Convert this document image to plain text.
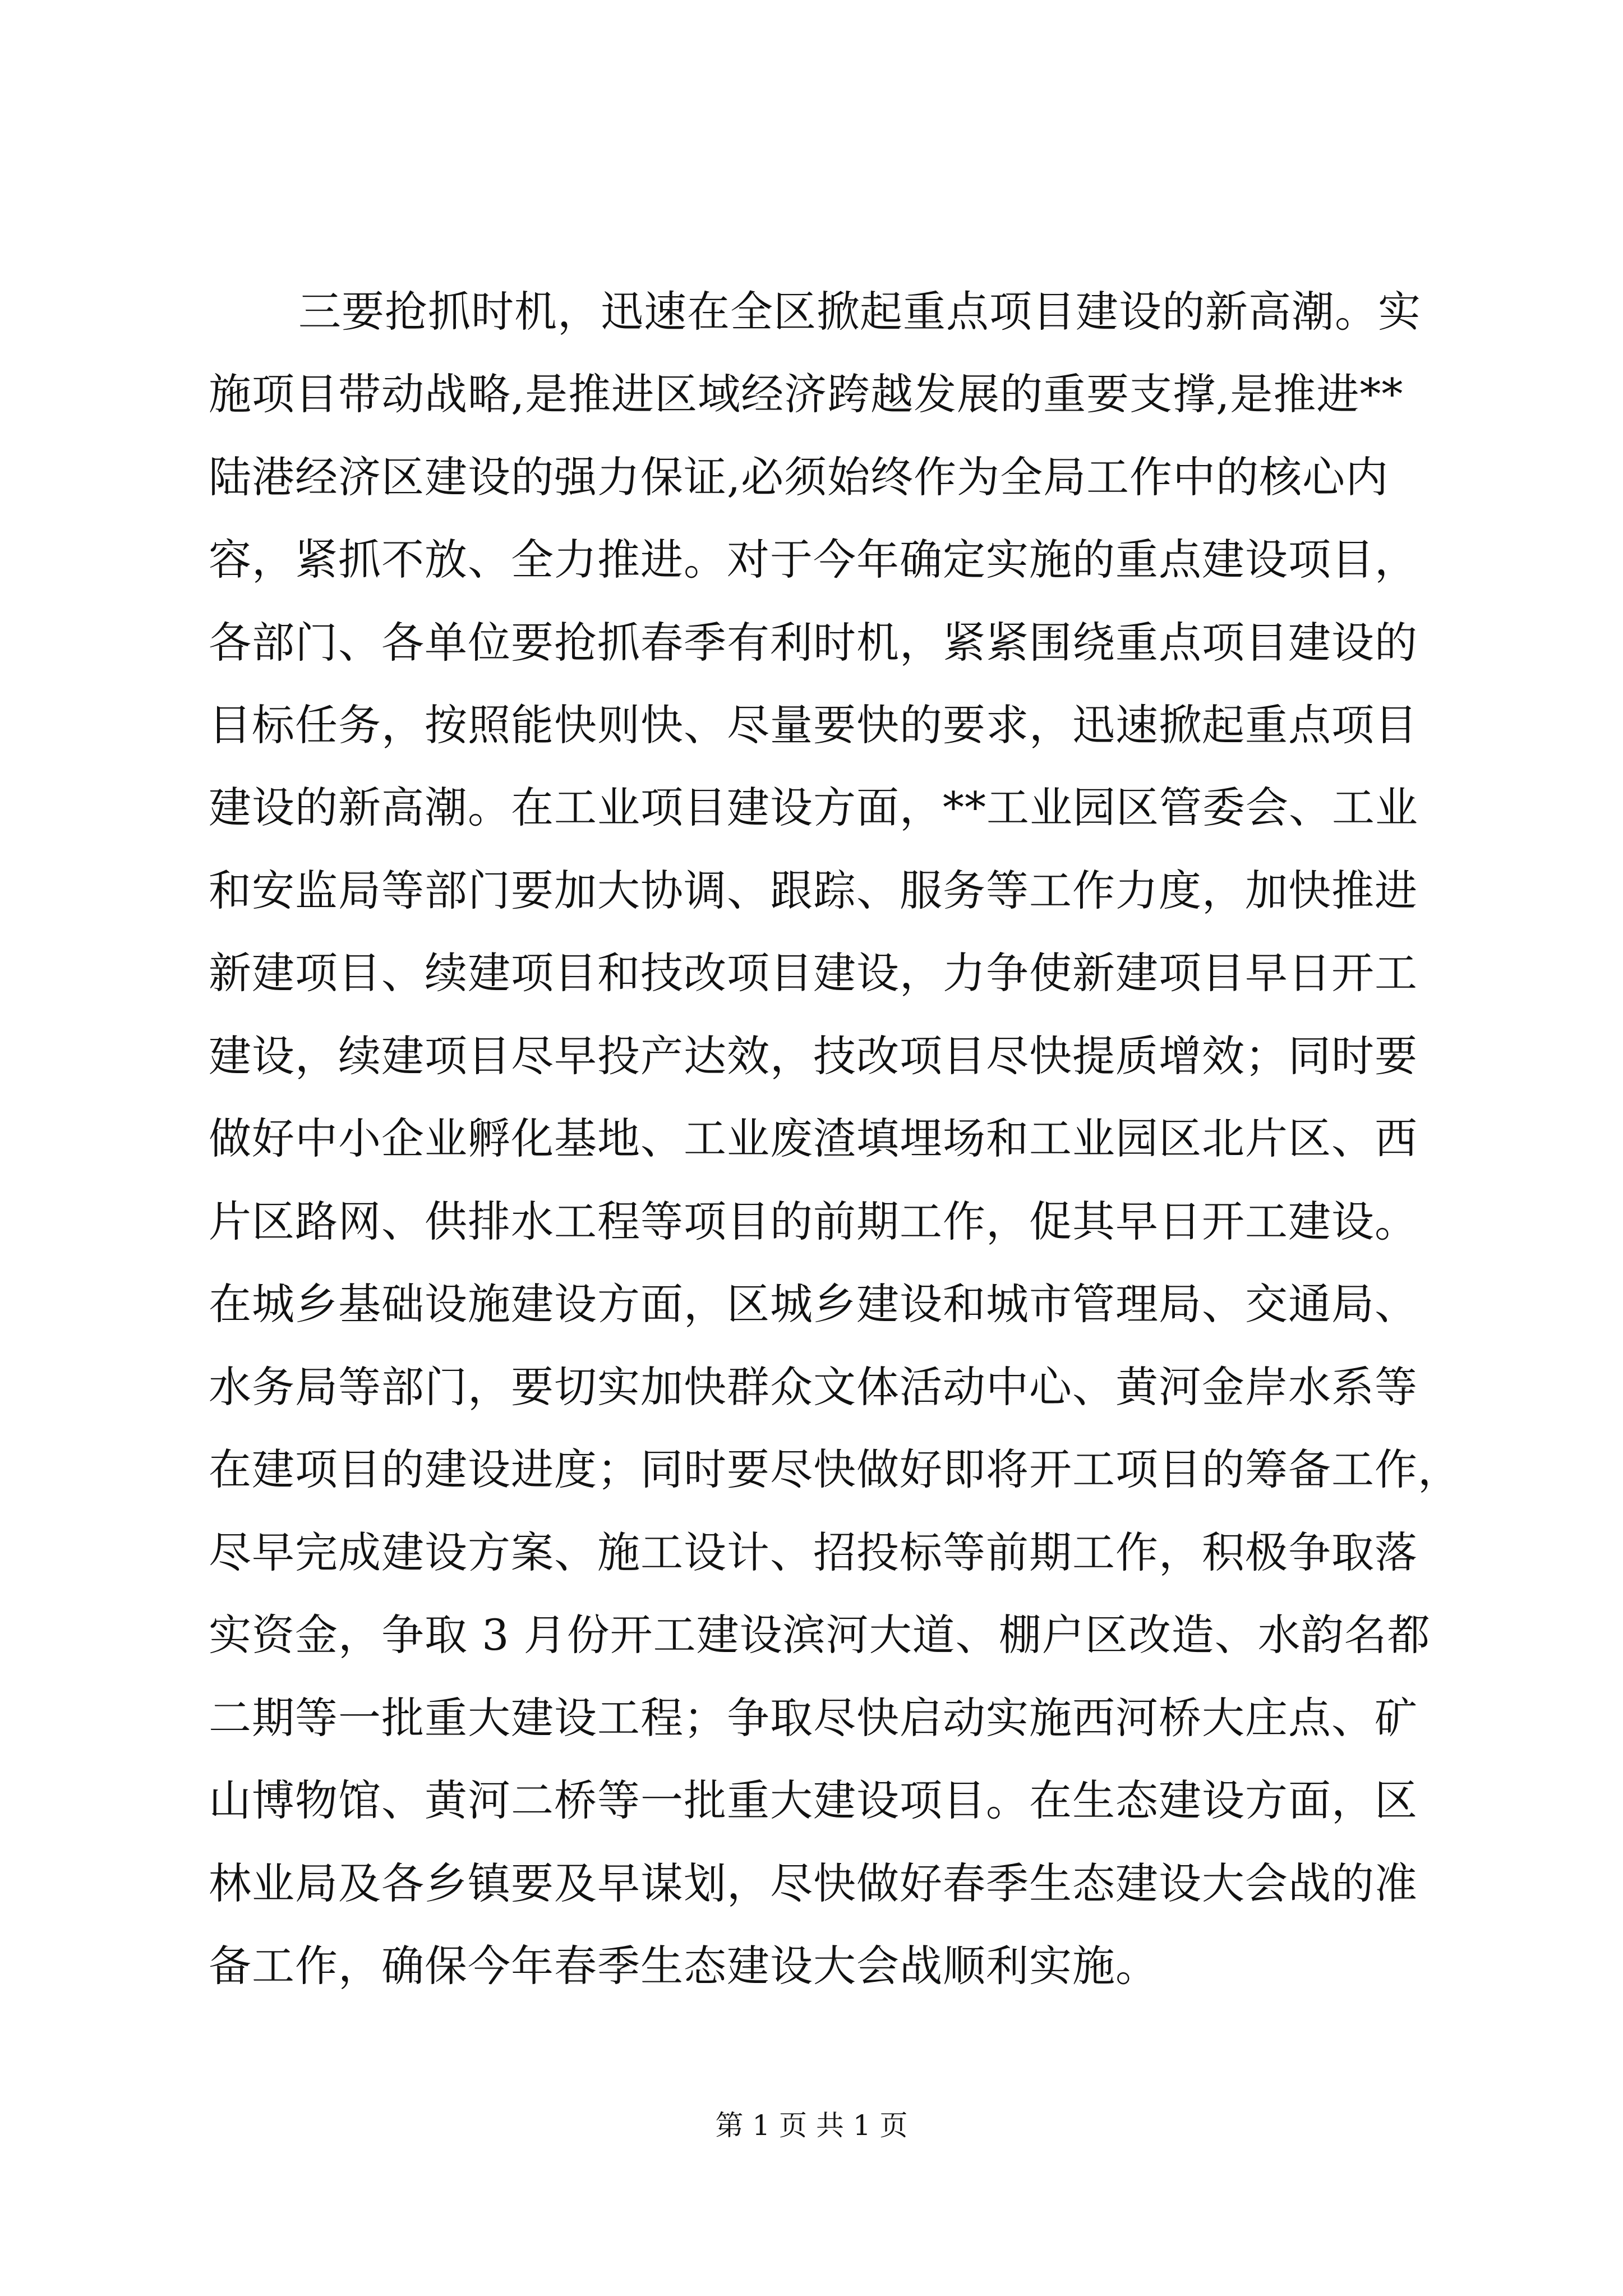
三要抢抓时机，迅速在全区掀起重点项目建设的新高潮。实
施项目带动战略,是推进区域经济跨越发展的重要支撑,是推进**
陆港经济区建设的强力保证,必须始终作为全局工作中的核心内
容，紧抓不放、全力推进。对于今年确定实施的重点建设项目，
各部门、各单位要抢抓春季有利时机，紧紧围绕重点项目建设的
目标任务，按照能快则快、尽量要快的要求，迅速掀起重点项目
建设的新高潮。在工业项目建设方面，**工业园区管委会、工业
和安监局等部门要加大协调、跟踪、服务等工作力度，加快推进
新建项目、续建项目和技改项目建设，力争使新建项目早日开工
建设，续建项目尽早投产达效，技改项目尽快提质增效；同时要
做好中小企业孵化基地、工业废渣填埋场和工业园区北片区、西
片区路网、供排水工程等项目的前期工作，促其早日开工建设。
在城乡基础设施建设方面，区城乡建设和城市管理局、交通局、
水务局等部门，要切实加快群众文体活动中心、黄河金岸水系等
在建项目的建设进度；同时要尽快做好即将开工项目的筹备工作，
尽早完成建设方案、施工设计、招投标等前期工作，积极争取落
实资金，争取 3 月份开工建设滨河大道、棚户区改造、水韵名都
二期等一批重大建设工程；争取尽快启动实施西河桥大庄点、矿
山博物馆、黄河二桥等一批重大建设项目。在生态建设方面，区
林业局及各乡镇要及早谋划，尽快做好春季生态建设大会战的准
备工作，确保今年春季生态建设大会战顺利实施。
第 1 页 共 1 页
